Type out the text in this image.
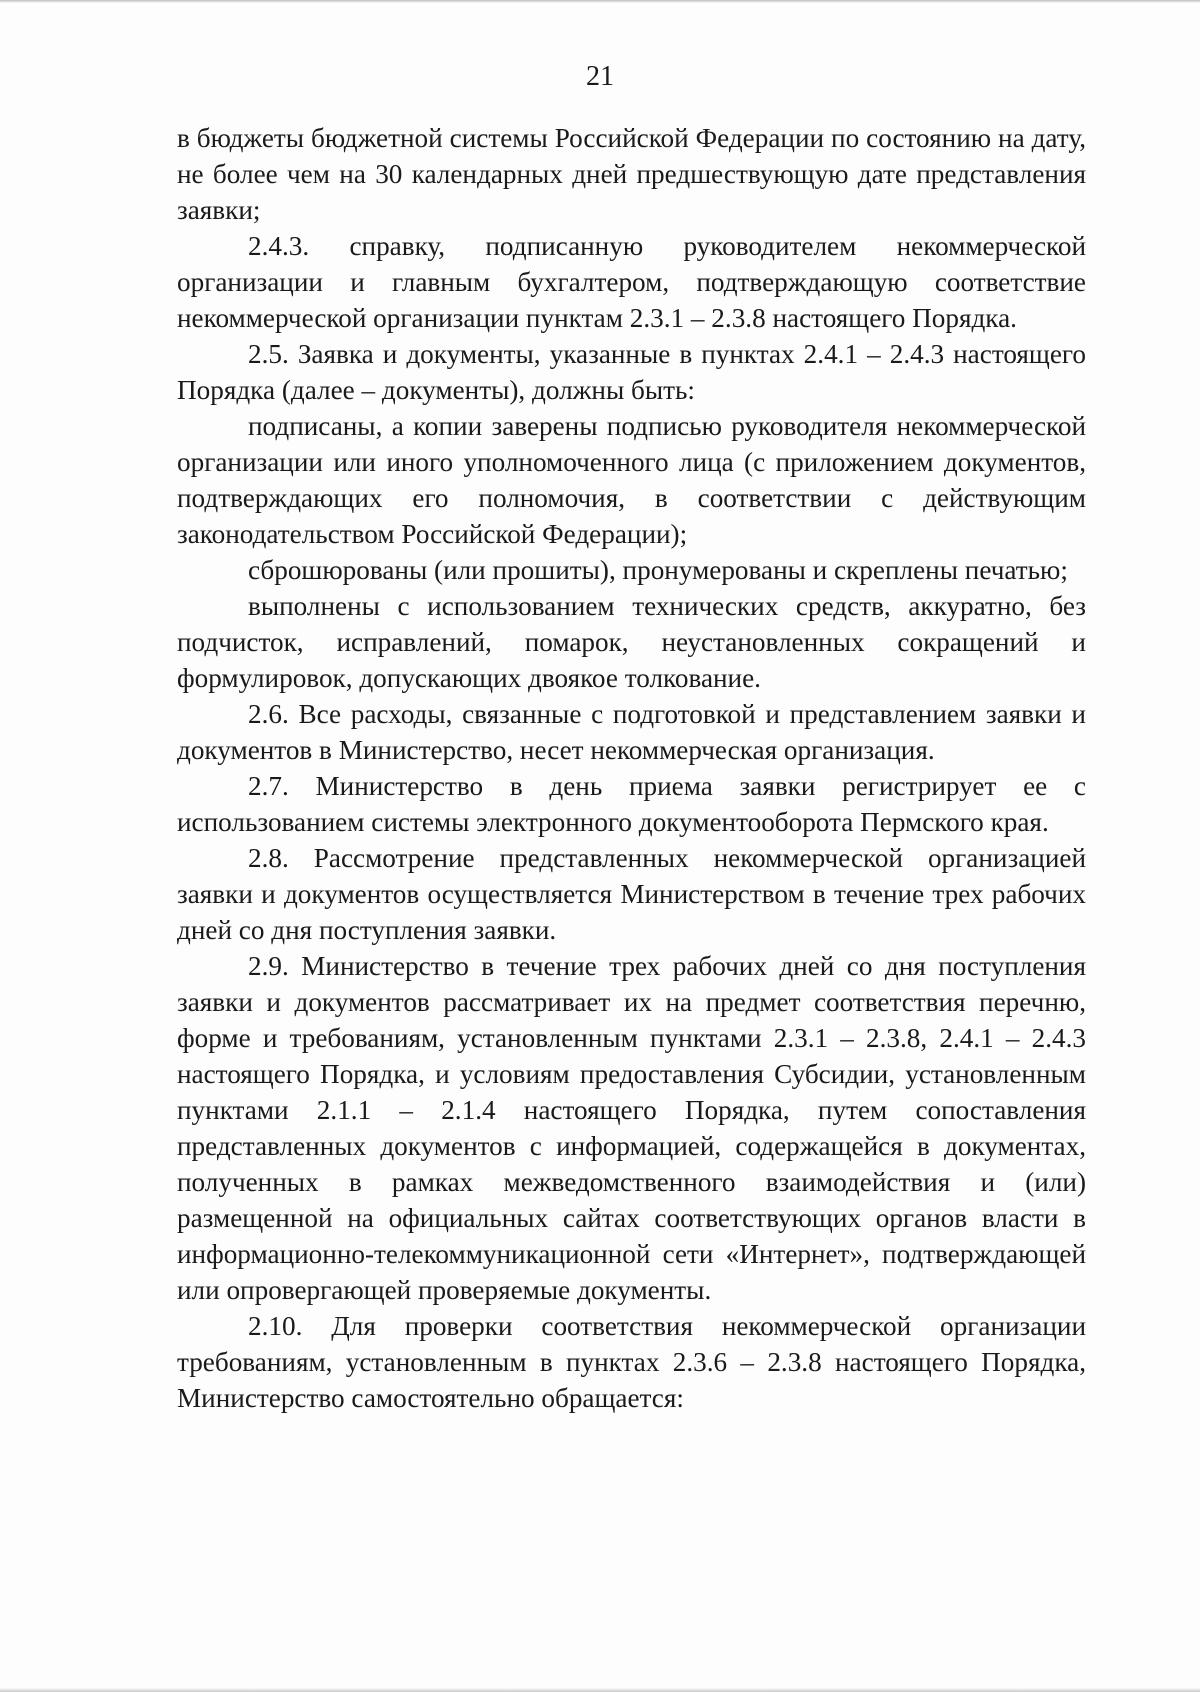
21

в бюджеты бюджетной системы Российской Федерации по состоянию на дату, не более чем на 30 календарных дней предшествующую дате представления заявки;

2.4.3. справку, подписанную руководителем некоммерческой организации и главным бухгалтером, подтверждающую соответствие некоммерческой организации пунктам 2.3.1 – 2.3.8 настоящего Порядка.

2.5. Заявка и документы, указанные в пунктах 2.4.1 – 2.4.3 настоящего Порядка (далее – документы), должны быть:

подписаны, а копии заверены подписью руководителя некоммерческой организации или иного уполномоченного лица (с приложением документов, подтверждающих его полномочия, в соответствии с действующим законодательством Российской Федерации);

сброшюрованы (или прошиты), пронумерованы и скреплены печатью;

выполнены с использованием технических средств, аккуратно, без подчисток, исправлений, помарок, неустановленных сокращений и формулировок, допускающих двоякое толкование.

2.6. Все расходы, связанные с подготовкой и представлением заявки и документов в Министерство, несет некоммерческая организация.

2.7. Министерство в день приема заявки регистрирует ее с использованием системы электронного документооборота Пермского края.

2.8. Рассмотрение представленных некоммерческой организацией заявки и документов осуществляется Министерством в течение трех рабочих дней со дня поступления заявки.

2.9. Министерство в течение трех рабочих дней со дня поступления заявки и документов рассматривает их на предмет соответствия перечню, форме и требованиям, установленным пунктами 2.3.1 – 2.3.8, 2.4.1 – 2.4.3 настоящего Порядка, и условиям предоставления Субсидии, установленным пунктами 2.1.1 – 2.1.4 настоящего Порядка, путем сопоставления представленных документов с информацией, содержащейся в документах, полученных в рамках межведомственного взаимодействия и (или) размещенной на официальных сайтах соответствующих органов власти в информационно-телекоммуникационной сети «Интернет», подтверждающей или опровергающей проверяемые документы.

2.10. Для проверки соответствия некоммерческой организации требованиям, установленным в пунктах 2.3.6 – 2.3.8 настоящего Порядка, Министерство самостоятельно обращается:
